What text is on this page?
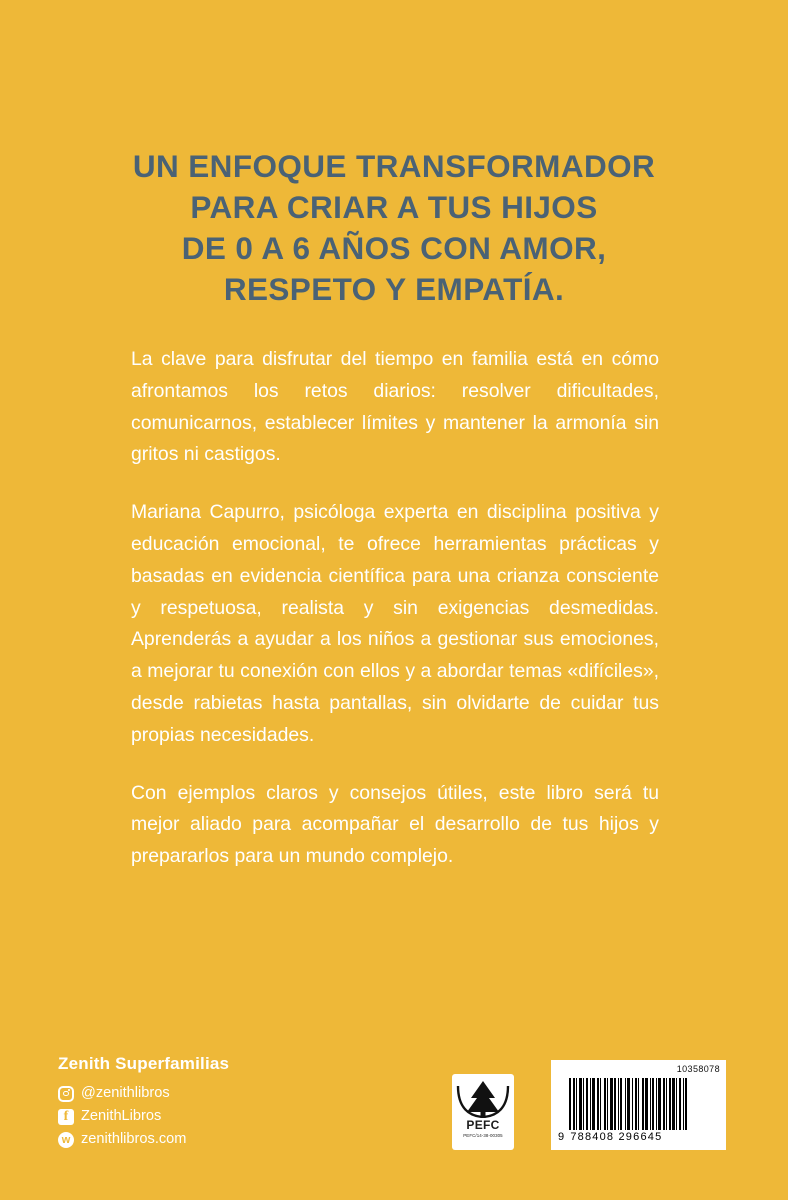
UN ENFOQUE TRANSFORMADOR
PARA CRIAR A TUS HIJOS
DE 0 A 6 AÑOS CON AMOR,
RESPETO Y EMPATÍA.

La clave para disfrutar del tiempo en familia está en cómo afrontamos los retos diarios: resolver dificultades, comunicarnos, establecer límites y mantener la armonía sin gritos ni castigos.

Mariana Capurro, psicóloga experta en disciplina positiva y educación emocional, te ofrece herramientas prácticas y basadas en evidencia científica para una crianza consciente y respetuosa, realista y sin exigencias desmedidas. Aprenderás a ayudar a los niños a gestionar sus emociones, a mejorar tu conexión con ellos y a abordar temas «difíciles», desde rabietas hasta pantallas, sin olvidarte de cuidar tus propias necesidades.

Con ejemplos claros y consejos útiles, este libro será tu mejor aliado para acompañar el desarrollo de tus hijos y prepararlos para un mundo complejo.

Zenith Superfamilias
@zenithlibros
f ZenithLibros
w zenithlibros.com
PEFC
PEFC/14-38-00305
10358078
9 788408 296645
